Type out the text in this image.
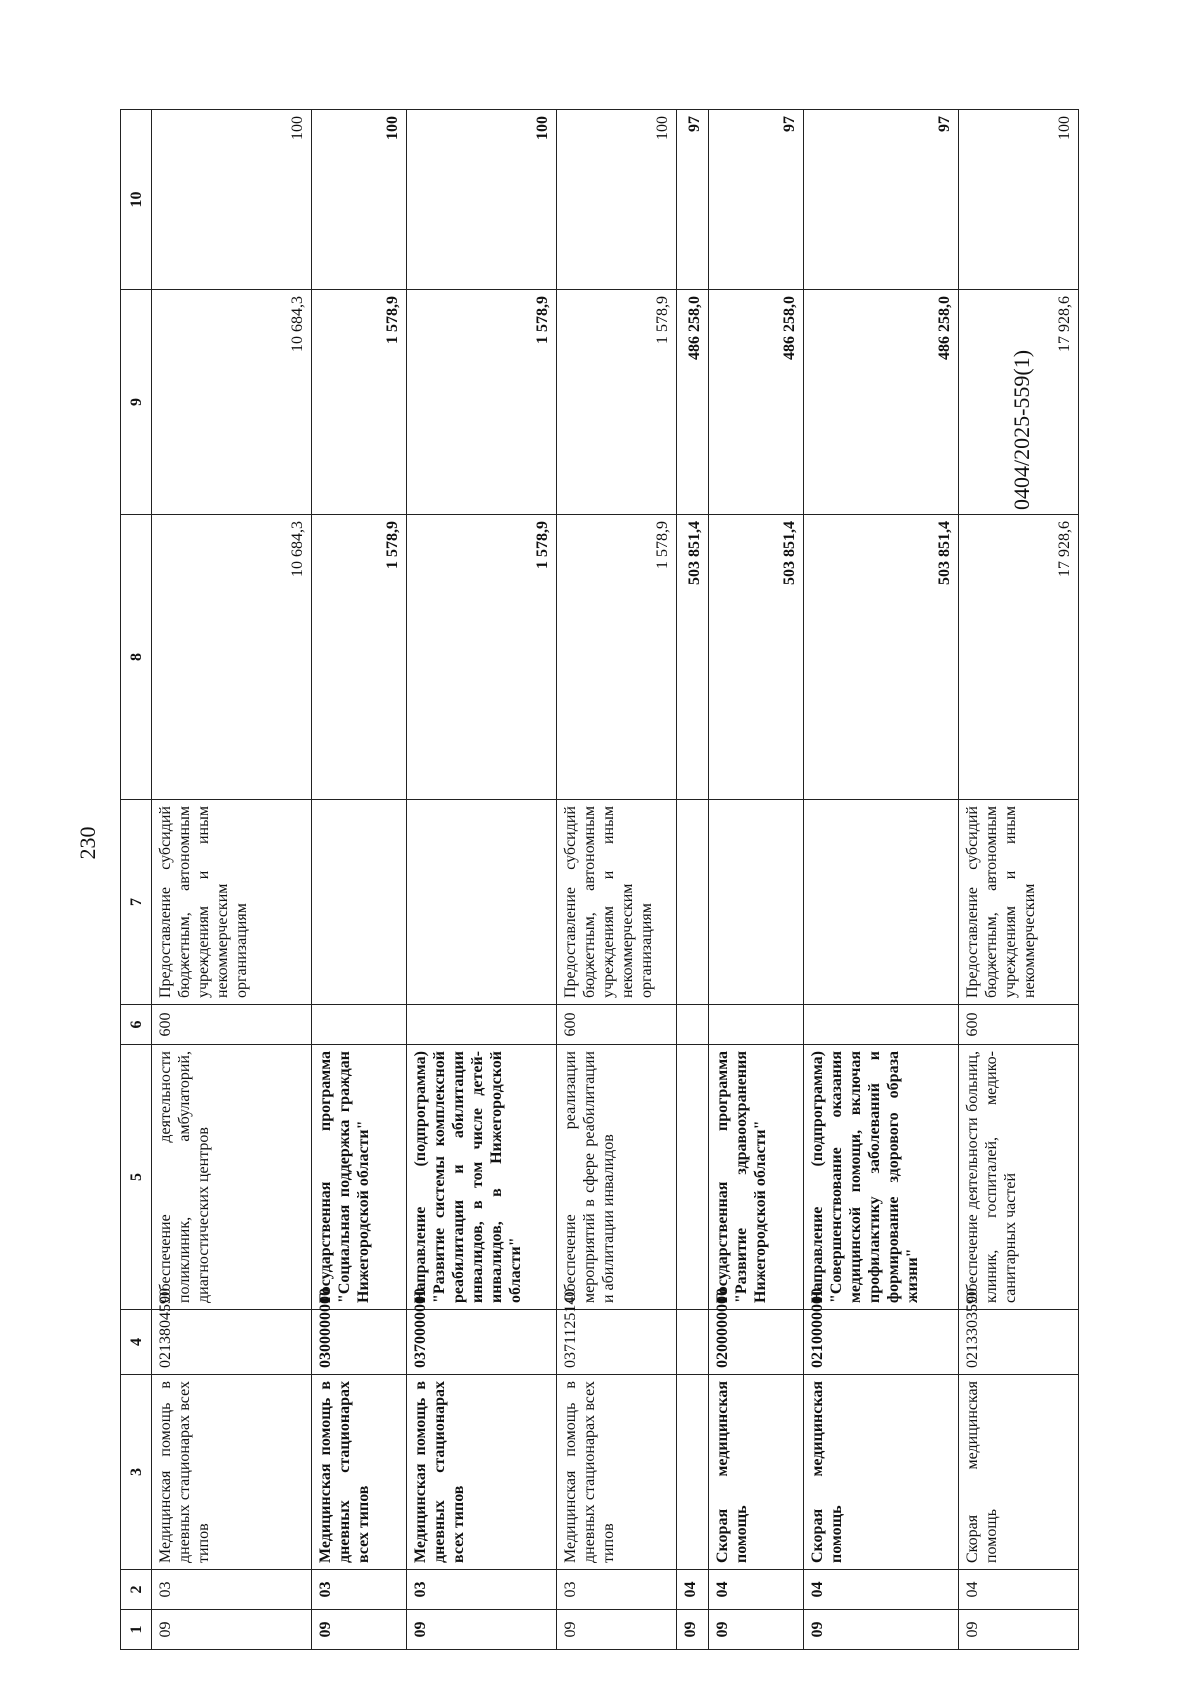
230
0404/2025-559(1)
1	2	3	4	5	6	7	8	9	10
09	03	Медицинская помощь в дневных стационарах всех типов	0213804590	Обеспечение деятельности поликлиник, амбулаторий, диагностических центров	600	Предоставление субсидий бюджетным, автономным учреждениям и иным некоммерческим организациям	10 684,3	10 684,3	100
09	03	Медицинская помощь в дневных стационарах всех типов	0300000000	Государственная программа "Социальная поддержка граждан Нижегородской области"			1 578,9	1 578,9	100
09	03	Медицинская помощь в дневных стационарах всех типов	0370000000	Направление (подпрограмма) "Развитие системы комплексной реабилитации и абилитации инвалидов, в том числе детей-инвалидов, в Нижегородской области"			1 578,9	1 578,9	100
09	03	Медицинская помощь в дневных стационарах всех типов	0371125140	Обеспечение реализации мероприятий в сфере реабилитации и абилитации инвалидов	600	Предоставление субсидий бюджетным, автономным учреждениям и иным некоммерческим организациям	1 578,9	1 578,9	100
09	04						503 851,4	486 258,0	97
09	04	Скорая медицинская помощь	0200000000	Государственная программа "Развитие здравоохранения Нижегородской области"			503 851,4	486 258,0	97
09	04	Скорая медицинская помощь	0210000000	Направление (подпрограмма) "Совершенствование оказания медицинской помощи, включая профилактику заболеваний и формирование здорового образа жизни"			503 851,4	486 258,0	97
09	04	Скорая медицинская помощь	0213303590	Обеспечение деятельности больниц, клиник, госпиталей, медико-санитарных частей	600	Предоставление субсидий бюджетным, автономным учреждениям и иным некоммерческим	17 928,6	17 928,6	100
